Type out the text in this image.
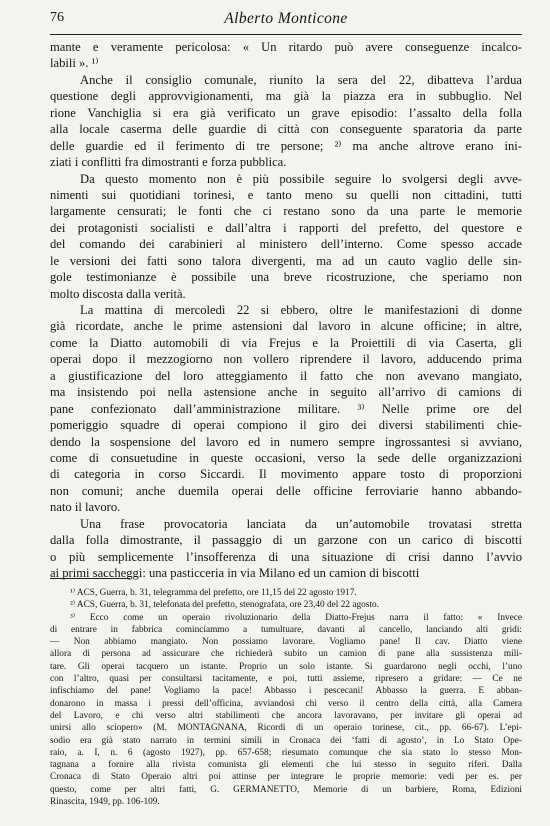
76	Alberto Monticone
mante e veramente pericolosa: « Un ritardo può avere conseguenze incalco-
labili ». ¹⁾
Anche il consiglio comunale, riunito la sera del 22, dibatteva l’ardua
questione degli approvvigionamenti, ma già la piazza era in subbuglio. Nel
rione Vanchiglia si era già verificato un grave episodio: l’assalto della folla
alla locale caserma delle guardie di città con conseguente sparatoria da parte
delle guardie ed il ferimento di tre persone; ²⁾ ma anche altrove erano ini-
ziati i conflitti fra dimostranti e forza pubblica.
Da questo momento non è più possibile seguire lo svolgersi degli avve-
nimenti sui quotidiani torinesi, e tanto meno su quelli non cittadini, tutti
largamente censurati; le fonti che ci restano sono da una parte le memorie
dei protagonisti socialisti e dall’altra i rapporti del prefetto, del questore e
del comando dei carabinieri al ministero dell’interno. Come spesso accade
le versioni dei fatti sono talora divergenti, ma ad un cauto vaglio delle sin-
gole testimonianze è possibile una breve ricostruzione, che speriamo non
molto discosta dalla verità.
La mattina di mercoledì 22 si ebbero, oltre le manifestazioni di donne
già ricordate, anche le prime astensioni dal lavoro in alcune officine; in altre,
come la Diatto automobili di via Frejus e la Proiettili di via Caserta, gli
operai dopo il mezzogiorno non vollero riprendere il lavoro, adducendo prima
a giustificazione del loro atteggiamento il fatto che non avevano mangiato,
ma insistendo poi nella astensione anche in seguito all’arrivo di camions di
pane confezionato dall’amministrazione militare. ³⁾ Nelle prime ore del
pomeriggio squadre di operai compiono il giro dei diversi stabilimenti chie-
dendo la sospensione del lavoro ed in numero sempre ingrossantesi si avviano,
come di consuetudine in queste occasioni, verso la sede delle organizzazioni
di categoria in corso Siccardi. Il movimento appare tosto di proporzioni
non comuni; anche duemila operai delle officine ferroviarie hanno abbando-
nato il lavoro.
Una frase provocatoria lanciata da un’automobile trovatasi stretta
dalla folla dimostrante, il passaggio di un garzone con un carico di biscotti
o più semplicemente l’insofferenza di una situazione di crisi danno l’avvio
ai primi saccheggi: una pasticceria in via Milano ed un camion di biscotti
¹⁾ ACS, Guerra, b. 31, telegramma del prefetto, ore 11,15 del 22 agosto 1917.
²⁾ ACS, Guerra, b. 31, telefonata del prefetto, stenografata, ore 23,40 del 22 agosto.
³⁾ Ecco come un operaio rivoluzionario della Diatto-Frejus narra il fatto: « Invece
di entrare in fabbrica cominciammo a tumultuare, davanti al cancello, lanciando alti gridi:
— Non abbiamo mangiato. Non possiamo lavorare. Vogliamo pane! Il cav. Diatto viene
allora di persona ad assicurare che richiederà subito un camion di pane alla sussistenza mili-
tare. Gli operai tacquero un istante. Proprio un solo istante. Si guardarono negli occhi, l’uno
con l’altro, quasi per consultarsi tacitamente, e poi, tutti assieme, ripresero a gridare: — Ce ne
infischiamo del pane! Vogliamo la pace! Abbasso i pescecani! Abbasso la guerra. E abban-
donarono in massa i pressi dell’officina, avviandosi chi verso il centro della città, alla Camera
del Lavoro, e chi verso altri stabilimenti che ancora lavoravano, per invitare gli operai ad
unirsi allo sciopero» (M. MONTAGNANA, Ricordi di un operaio torinese, cit., pp. 66-67). L’epi-
sodio era già stato narrato in termini simili in Cronaca dei ‘fatti di agosto’, in Lo Stato Ope-
raio, a. I, n. 6 (agosto 1927), pp. 657-658; riesumato comunque che sia stato lo stesso Mon-
tagnana a fornire alla rivista comunista gli elementi che lui stesso in seguito riferì. Dalla
Cronaca di Stato Operaio altri poi attinse per integrare le proprie memorie: vedi per es. per
questo, come per altri fatti, G. GERMANETTO, Memorie di un barbiere, Roma, Edizioni
Rinascita, 1949, pp. 106-109.
